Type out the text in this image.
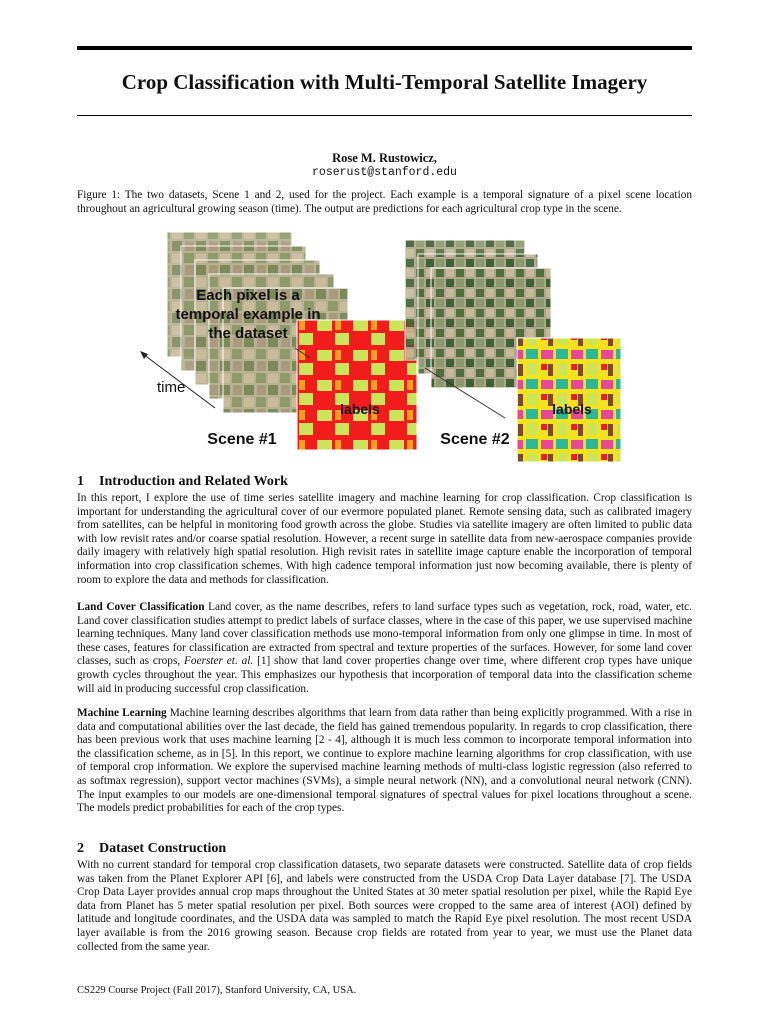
Crop Classification with Multi-Temporal Satellite Imagery
Rose M. Rustowicz,
roserust@stanford.edu

Figure 1: The two datasets, Scene 1 and 2, used for the project. Each example is a temporal signature of a pixel scene location throughout an agricultural growing season (time). The output are predictions for each agricultural crop type in the scene.

Each pixel is a
temporal example in
the dataset
labels	labels
Scene #1	Scene #2
time
1 Introduction and Related Work

In this report, I explore the use of time series satellite imagery and machine learning for crop classification. Crop classification is important for understanding the agricultural cover of our evermore populated planet. Remote sensing data, such as calibrated imagery from satellites, can be helpful in monitoring food growth across the globe. Studies via satellite imagery are often limited to public data with low revisit rates and/or coarse spatial resolution. However, a recent surge in satellite data from new-aerospace companies provide daily imagery with relatively high spatial resolution. High revisit rates in satellite image capture enable the incorporation of temporal information into crop classification schemes. With high cadence temporal information just now becoming available, there is plenty of room to explore the data and methods for classification.

Land Cover Classification Land cover, as the name describes, refers to land surface types such as vegetation, rock, road, water, etc. Land cover classification studies attempt to predict labels of surface classes, where in the case of this paper, we use supervised machine learning techniques. Many land cover classification methods use mono-temporal information from only one glimpse in time. In most of these cases, features for classification are extracted from spectral and texture properties of the surfaces. However, for some land cover classes, such as crops, Foerster et. al. [1] show that land cover properties change over time, where different crop types have unique growth cycles throughout the year. This emphasizes our hypothesis that incorporation of temporal data into the classification scheme will aid in producing successful crop classification.

Machine Learning Machine learning describes algorithms that learn from data rather than being explicitly programmed. With a rise in data and computational abilities over the last decade, the field has gained tremendous popularity. In regards to crop classification, there has been previous work that uses machine learning [2 - 4], although it is much less common to incorporate temporal information into the classification scheme, as in [5]. In this report, we continue to explore machine learning algorithms for crop classification, with use of temporal crop information. We explore the supervised machine learning methods of multi-class logistic regression (also referred to as softmax regression), support vector machines (SVMs), a simple neural network (NN), and a convolutional neural network (CNN). The input examples to our models are one-dimensional temporal signatures of spectral values for pixel locations throughout a scene. The models predict probabilities for each of the crop types.

2 Dataset Construction

With no current standard for temporal crop classification datasets, two separate datasets were constructed. Satellite data of crop fields was taken from the Planet Explorer API [6], and labels were constructed from the USDA Crop Data Layer database [7]. The USDA Crop Data Layer provides annual crop maps throughout the United States at 30 meter spatial resolution per pixel, while the Rapid Eye data from Planet has 5 meter spatial resolution per pixel. Both sources were cropped to the same area of interest (AOI) defined by latitude and longitude coordinates, and the USDA data was sampled to match the Rapid Eye pixel resolution. The most recent USDA layer available is from the 2016 growing season. Because crop fields are rotated from year to year, we must use the Planet data collected from the same year.

CS229 Course Project (Fall 2017), Stanford University, CA, USA.
